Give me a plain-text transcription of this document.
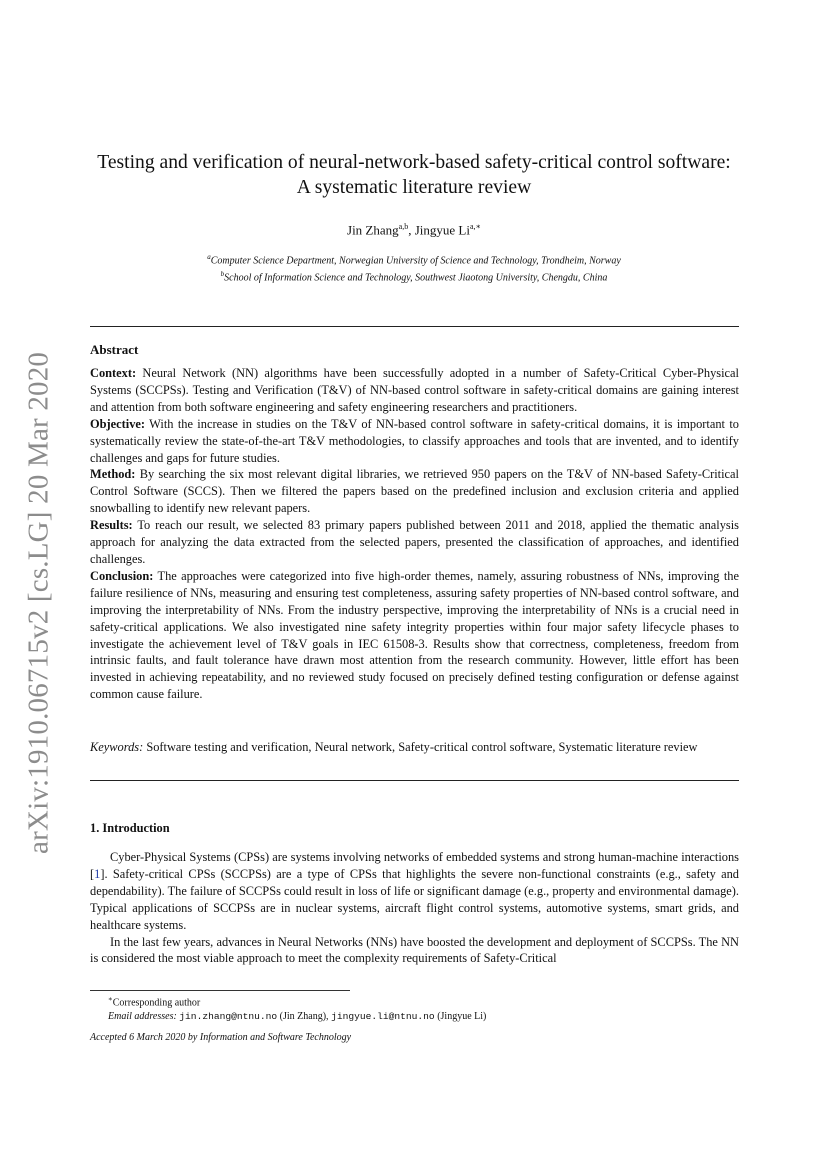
arXiv:1910.06715v2 [cs.LG] 20 Mar 2020
Testing and verification of neural-network-based safety-critical control software:
A systematic literature review
Jin Zhang$^{a,b}$, Jingyue $Li^{a,∗}$
$^a$Computer Science Department, Norwegian University of Science and Technology, Trondheim, Norway
$^b$School of Information Science and Technology, Southwest Jiaotong University, Chengdu, China
Abstract

Context: Neural Network (NN) algorithms have been successfully adopted in a number of Safety-Critical Cyber-Physical Systems (SCCPSs). Testing and Verification (T&V) of NN-based control software in safety-critical domains are gaining interest and attention from both software engineering and safety engineering researchers and practitioners.

Objective: With the increase in studies on the T&V of NN-based control software in safety-critical domains, it is important to systematically review the state-of-the-art T&V methodologies, to classify approaches and tools that are invented, and to identify challenges and gaps for future studies.

Method: By searching the six most relevant digital libraries, we retrieved 950 papers on the T&V of NN-based Safety-Critical Control Software (SCCS). Then we filtered the papers based on the predefined inclusion and exclusion criteria and applied snowballing to identify new relevant papers.

Results: To reach our result, we selected 83 primary papers published between 2011 and 2018, applied the thematic analysis approach for analyzing the data extracted from the selected papers, presented the classification of approaches, and identified challenges.

Conclusion: The approaches were categorized into five high-order themes, namely, assuring robustness of NNs, improving the failure resilience of NNs, measuring and ensuring test completeness, assuring safety properties of NN-based control software, and improving the interpretability of NNs. From the industry perspective, improving the interpretability of NNs is a crucial need in safety-critical applications. We also investigated nine safety integrity properties within four major safety lifecycle phases to investigate the achievement level of T&V goals in IEC 61508-3. Results show that correctness, completeness, freedom from intrinsic faults, and fault tolerance have drawn most attention from the research community. However, little effort has been invested in achieving repeatability, and no reviewed study focused on precisely defined testing configuration or defense against common cause failure.

Keywords: Software testing and verification, Neural network, Safety-critical control software, Systematic literature review
1. Introduction

Cyber-Physical Systems (CPSs) are systems involving networks of embedded systems and strong human-machine interactions [1]. Safety-critical CPSs (SCCPSs) are a type of CPSs that highlights the severe non-functional constraints (e.g., safety and dependability). The failure of SCCPSs could result in loss of life or significant damage (e.g., property and environmental damage). Typical applications of SCCPSs are in nuclear systems, aircraft flight control systems, automotive systems, smart grids, and healthcare systems.

In the last few years, advances in Neural Networks (NNs) have boosted the development and deployment of SCCPSs. The NN is considered the most viable approach to meet the complexity requirements of Safety-Critical

∗Corresponding author
Email addresses: jin.zhang@ntnu.no (Jin Zhang), jingyue.li@ntnu.no (Jingyue Li)
Accepted 6 March 2020 by Information and Software Technology
